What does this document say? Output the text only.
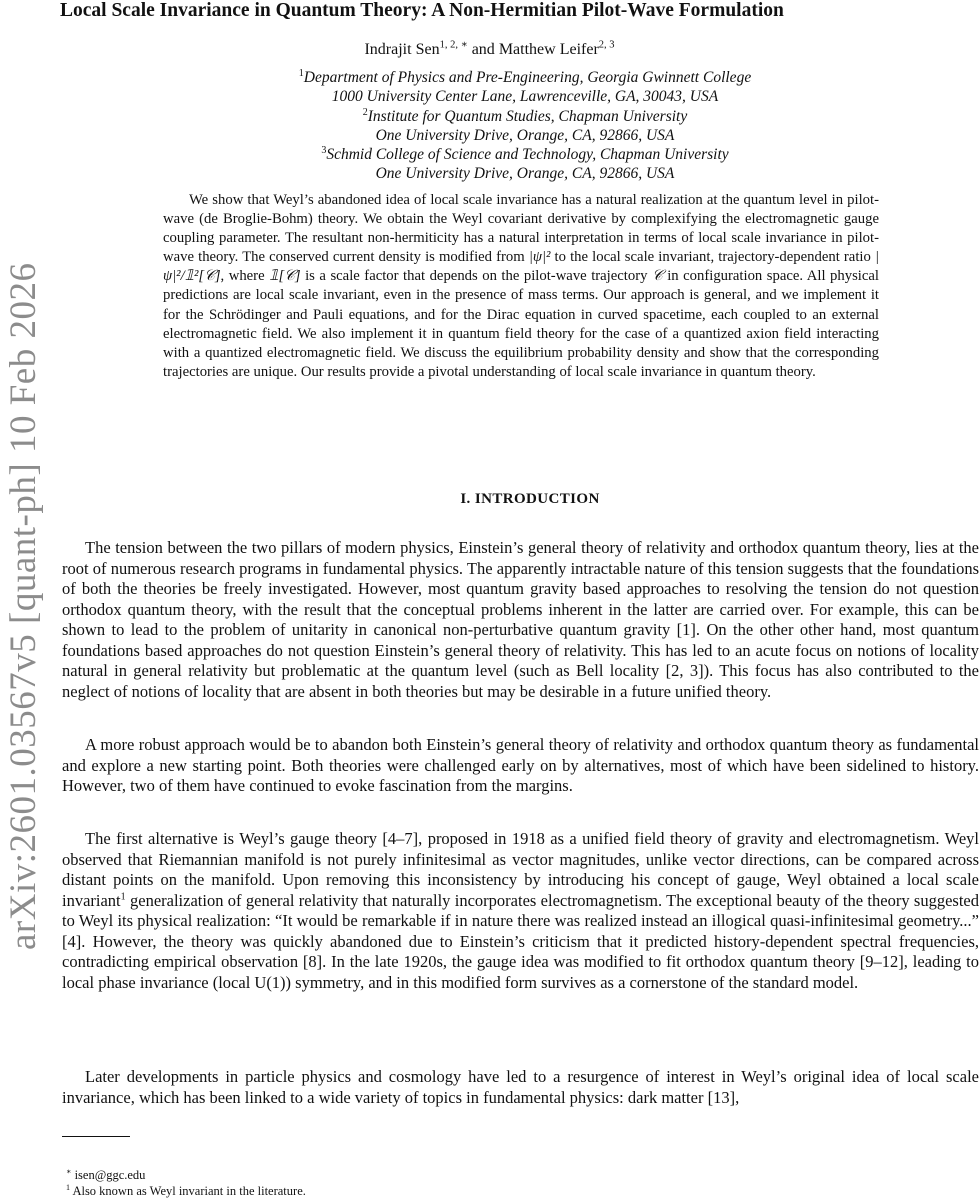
arXiv:2601.03567v5 [quant-ph] 10 Feb 2026
Local Scale Invariance in Quantum Theory: A Non-Hermitian Pilot-Wave Formulation
Indrajit Sen$^{1, 2, ∗}$ and Matthew Leifer$^{2, 3}$
$^1$Department of Physics and Pre-Engineering, Georgia Gwinnett College
1000 University Center Lane, Lawrenceville, GA, 30043, USA
$^2$Institute for Quantum Studies, Chapman University
One University Drive, Orange, CA, 92866, USA
$^3$Schmid College of Science and Technology, Chapman University
One University Drive, Orange, CA, 92866, USA

We show that Weyl’s abandoned idea of local scale invariance has a natural realization at the quantum level in pilot-wave (de Broglie-Bohm) theory. We obtain the Weyl covariant derivative by complexifying the electromagnetic gauge coupling parameter. The resultant non-hermiticity has a natural interpretation in terms of local scale invariance in pilot-wave theory. The conserved current density is modified from |ψ|² to the local scale invariant, trajectory-dependent ratio |ψ|²/𝟙²[𝒞], where 𝟙[𝒞] is a scale factor that depends on the pilot-wave trajectory 𝒞 in configuration space. All physical predictions are local scale invariant, even in the presence of mass terms. Our approach is general, and we implement it for the Schrödinger and Pauli equations, and for the Dirac equation in curved spacetime, each coupled to an external electromagnetic field. We also implement it in quantum field theory for the case of a quantized axion field interacting with a quantized electromagnetic field. We discuss the equilibrium probability density and show that the corresponding trajectories are unique. Our results provide a pivotal understanding of local scale invariance in quantum theory.

I. INTRODUCTION

The tension between the two pillars of modern physics, Einstein’s general theory of relativity and orthodox quantum theory, lies at the root of numerous research programs in fundamental physics. The apparently intractable nature of this tension suggests that the foundations of both the theories be freely investigated. However, most quantum gravity based approaches to resolving the tension do not question orthodox quantum theory, with the result that the conceptual problems inherent in the latter are carried over. For example, this can be shown to lead to the problem of unitarity in canonical non-perturbative quantum gravity [1]. On the other other hand, most quantum foundations based approaches do not question Einstein’s general theory of relativity. This has led to an acute focus on notions of locality natural in general relativity but problematic at the quantum level (such as Bell locality [2, 3]). This focus has also contributed to the neglect of notions of locality that are absent in both theories but may be desirable in a future unified theory.

A more robust approach would be to abandon both Einstein’s general theory of relativity and orthodox quantum theory as fundamental and explore a new starting point. Both theories were challenged early on by alternatives, most of which have been sidelined to history. However, two of them have continued to evoke fascination from the margins.

The first alternative is Weyl’s gauge theory [4–7], proposed in 1918 as a unified field theory of gravity and electromagnetism. Weyl observed that Riemannian manifold is not purely infinitesimal as vector magnitudes, unlike vector directions, can be compared across distant points on the manifold. Upon removing this inconsistency by introducing his concept of gauge, Weyl obtained a local scale invariant$^1$ generalization of general relativity that naturally incorporates electromagnetism. The exceptional beauty of the theory suggested to Weyl its physical realization: “It would be remarkable if in nature there was realized instead an illogical quasi-infinitesimal geometry...” [4]. However, the theory was quickly abandoned due to Einstein’s criticism that it predicted history-dependent spectral frequencies, contradicting empirical observation [8]. In the late 1920s, the gauge idea was modified to fit orthodox quantum theory [9–12], leading to local phase invariance (local U(1)) symmetry, and in this modified form survives as a cornerstone of the standard model.

Later developments in particle physics and cosmology have led to a resurgence of interest in Weyl’s original idea of local scale invariance, which has been linked to a wide variety of topics in fundamental physics: dark matter [13],

∗ isen@ggc.edu
$^1$ Also known as Weyl invariant in the literature.
